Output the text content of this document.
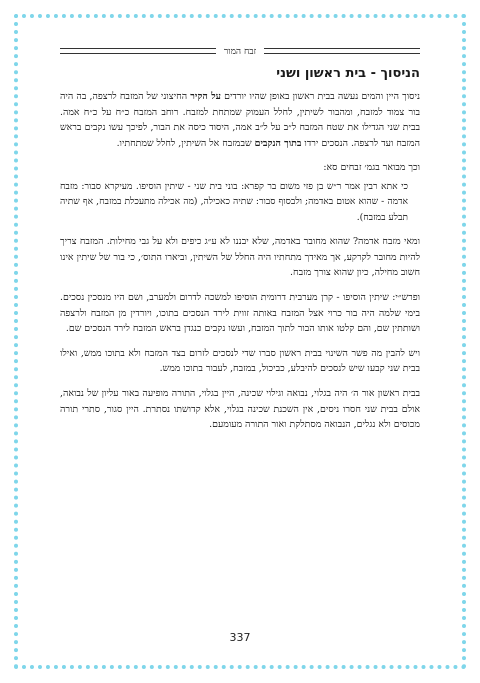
זבח המור
הניסוך - בית ראשון ושני

ניסוך היין והמים נעשה בבית ראשון באופן שהיו יורדים על הקיר החיצוני של המזבח לרצפה, בה היה בור צמוד למזבח, ומהבור לשיתין, לחלל העמוק שמתחת למזבח. רוחב המזבח כ״ח על כ״ח אמה. בבית שני הגדילו את שטח המזבח ל״ב על ל״ב אמה, היסוד כיסה את הבור, לפיכך עשו נקבים בראש המזבח ועד לרצפה. הנסכים ירדו בתוך הנקבים שבמזבח אל השיתין, לחלל שמתחתיו.

וכך מבואר בגמ׳ זבחים סא:

כי אתא רבין אמר ר״ש בן פזי משום בר קפרא: בוני בית שני - שיתין הוסיפו. מעיקרא סבור: מזבח אדמה - שהוא אטום באדמה; ולבסוף סבור: שתיה כאכילה, (מה אכילה מתעכלת במזבח, אף שתיה תבלע במזבח).

ומאי מזבח אדמה? שהוא מחובר באדמה, שלא יבננו לא ע״ג כיפים ולא על גבי מחילות. המזבח צריך להיות מחובר לקרקע, אך מאידך מתחתיו היה החלל של השיתין, וביארו התוס׳, כי בור של שיתין אינו חשוב מחילה, כיון שהוא צורך מזבח.

ופרש״י: שיתין הוסיפו - קרן מערבית דרומית הוסיפו למשכה לדרום ולמערב, ושם היו מנסכין נסכים. בימי שלמה היה בור כרוי אצל המזבח באותה זווית לירד הנסכים בתוכו, ויורדין מן המזבח ולרצפה ושותתין שם, והם קלטו אותו הבור לתוך המזבח, ועשו נקבים כנגדן בראש המזבח לירד הנסכים שם.

ויש להבין מה פשר השינוי בבית ראשון סברו שדי לנסכים לזרום בצד המזבח ולא בתוכו ממש, ואילו בבית שני קבעו שיש לנסכים להיבלע, כביכול, במזבח, לעבור בתוכו ממש.

בבית ראשון אור ה׳ היה בגלוי, נבואה וגילוי שכינה, היין בגלוי, התורה מופיעה באור עליון של נבואה, אולם בבית שני חסרו ניסים, אין השכנת שכינה בגלוי, אלא קדושתו נסתרת. היין סגור, סתרי תורה מכוסים ולא נגלים, הנבואה מסתלקת ואור התורה מעומעם.

337
